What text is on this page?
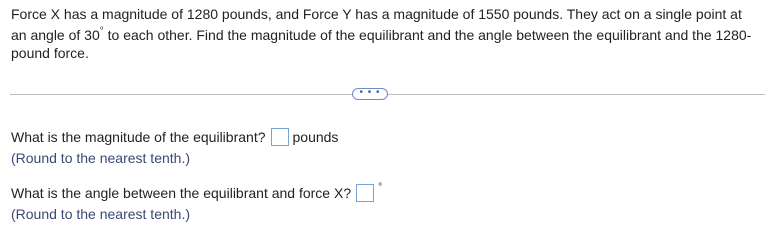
Force X has a magnitude of 1280 pounds, and Force Y has a magnitude of 1550 pounds. They act on a single point at an angle of 30° to each other. Find the magnitude of the equilibrant and the angle between the equilibrant and the 1280-pound force.

• • •
What is the magnitude of the equilibrant? pounds
(Round to the nearest tenth.)
What is the angle between the equilibrant and force X?	°
(Round to the nearest tenth.)
